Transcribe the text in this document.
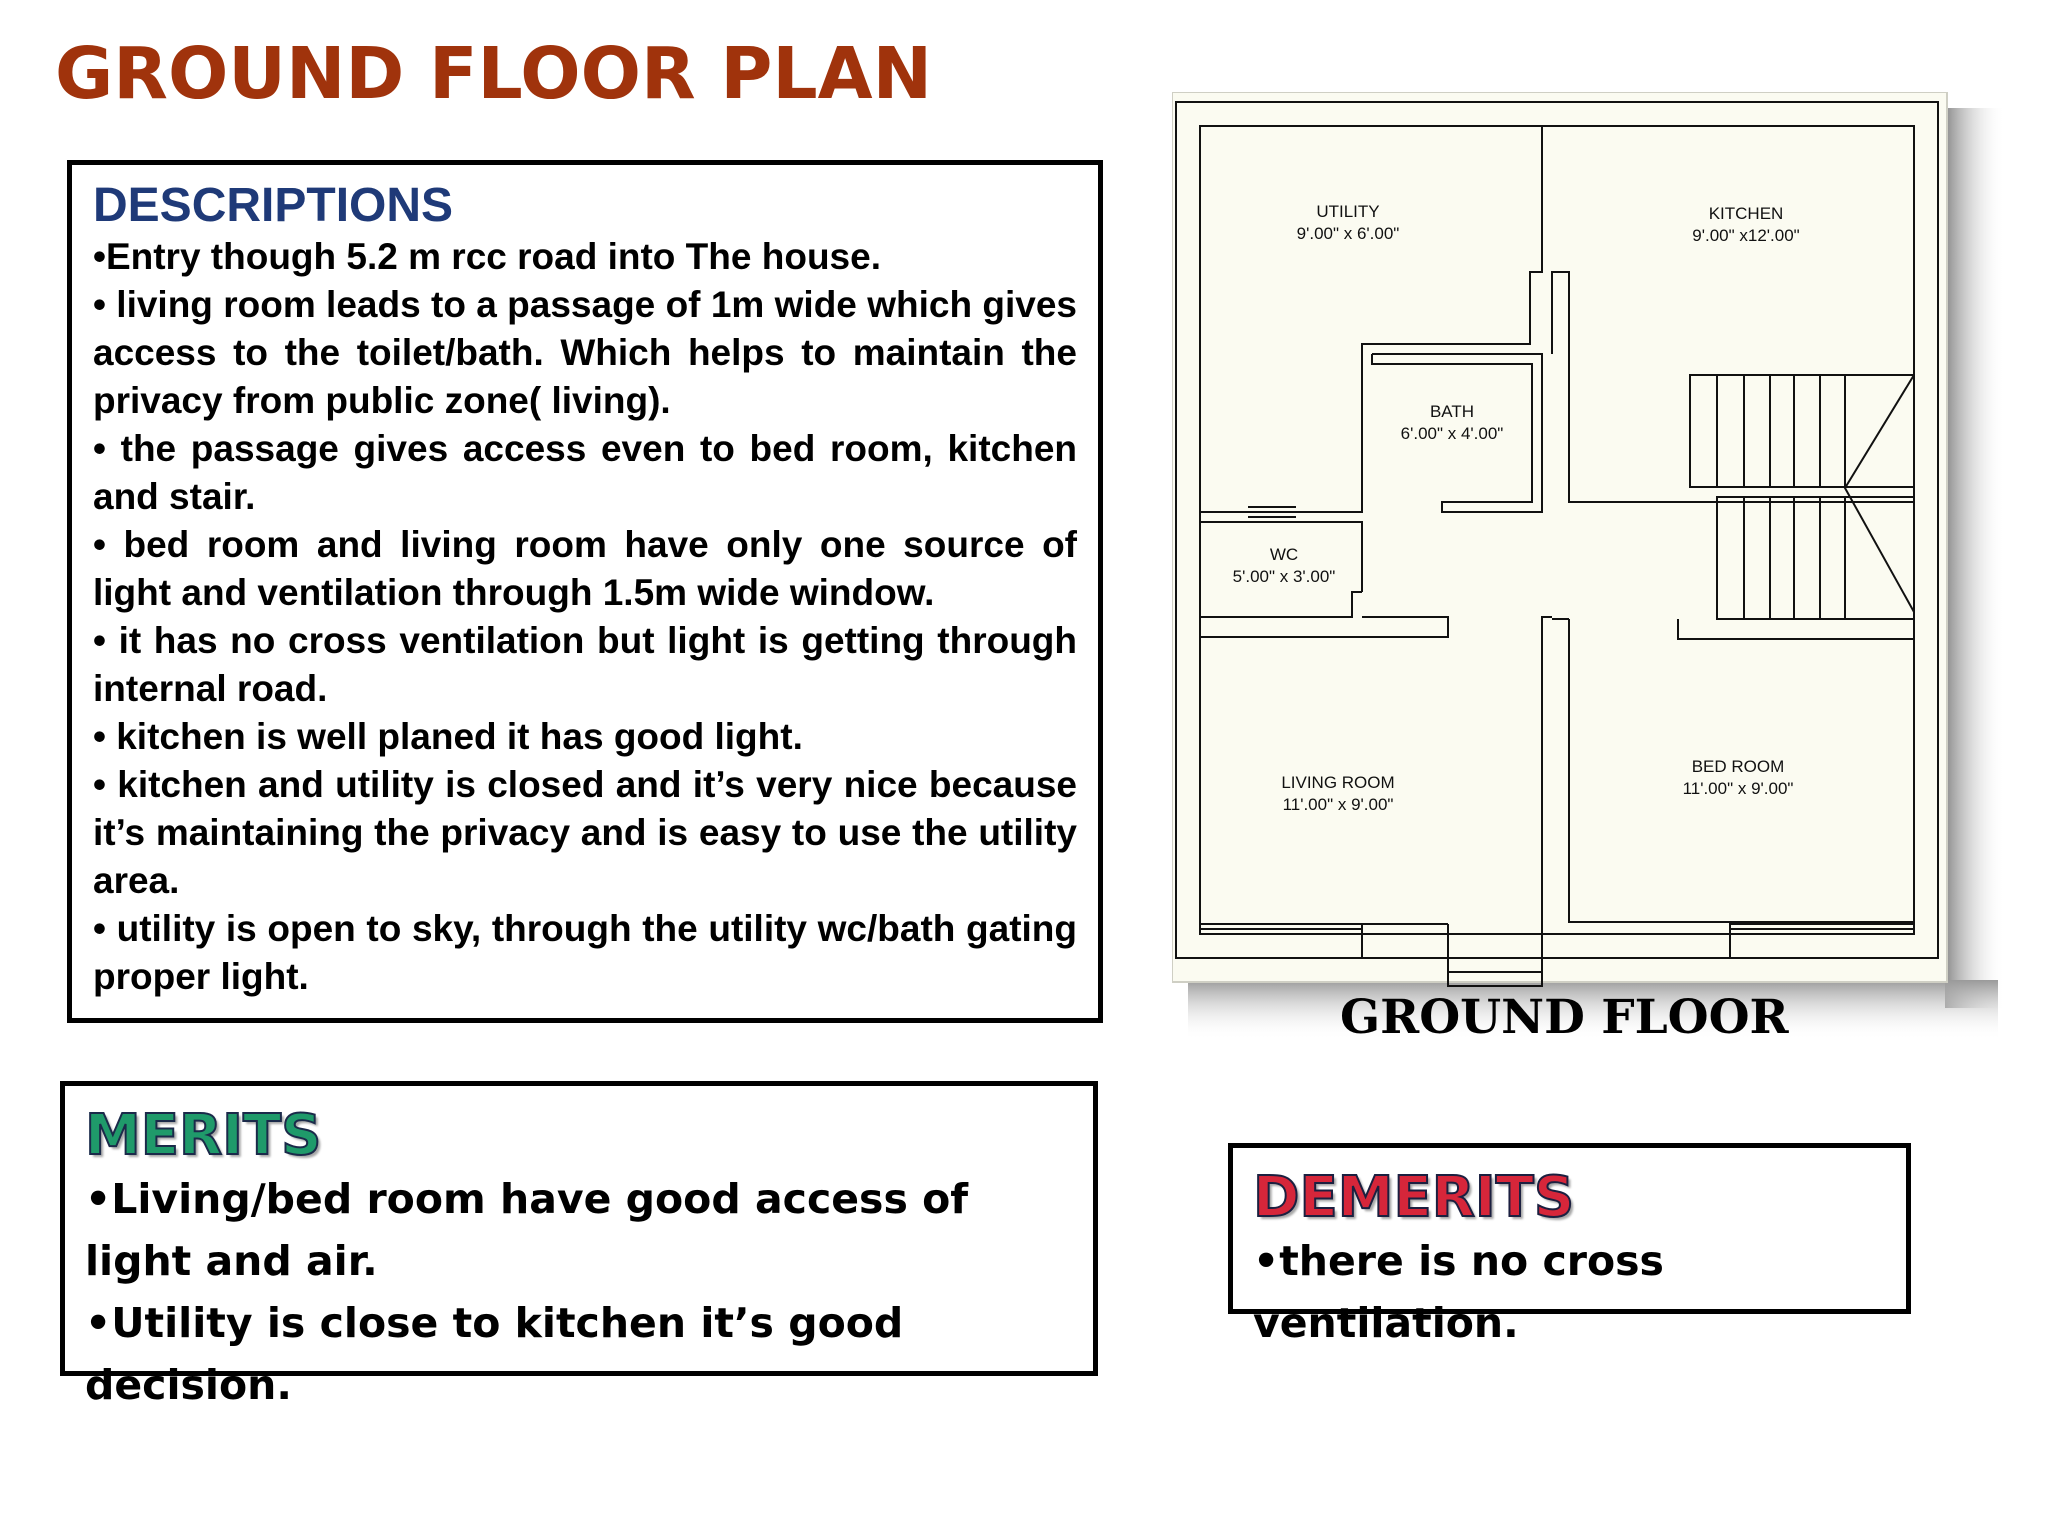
GROUND FLOOR PLAN

DESCRIPTIONS

•Entry though 5.2 m rcc road into The house.

• living room leads to a passage of 1m wide which gives access to the toilet/bath. Which helps to maintain the privacy from public zone( living).

• the passage gives access even to bed room, kitchen and stair.

• bed room and living room have only one source of light and ventilation through 1.5m wide window.

• it has no cross ventilation but light is getting through internal road.

• kitchen is well planed it has good light.

• kitchen and utility is closed and it’s very nice because it’s maintaining the privacy and is easy to use the utility area.

• utility is open to sky, through the utility wc/bath gating proper light.

UTILITY
9'.00" x 6'.00"
KITCHEN
9'.00" x12'.00"
BATH
6'.00" x 4'.00"
WC
5'.00" x 3'.00"
LIVING ROOM
11'.00" x 9'.00"
BED ROOM
11'.00" x 9'.00"
GROUND FLOOR

MERITS

•Living/bed room have good access of light and air.

•Utility is close to kitchen it’s good decision.

DEMERITS

•there is no cross ventilation.
